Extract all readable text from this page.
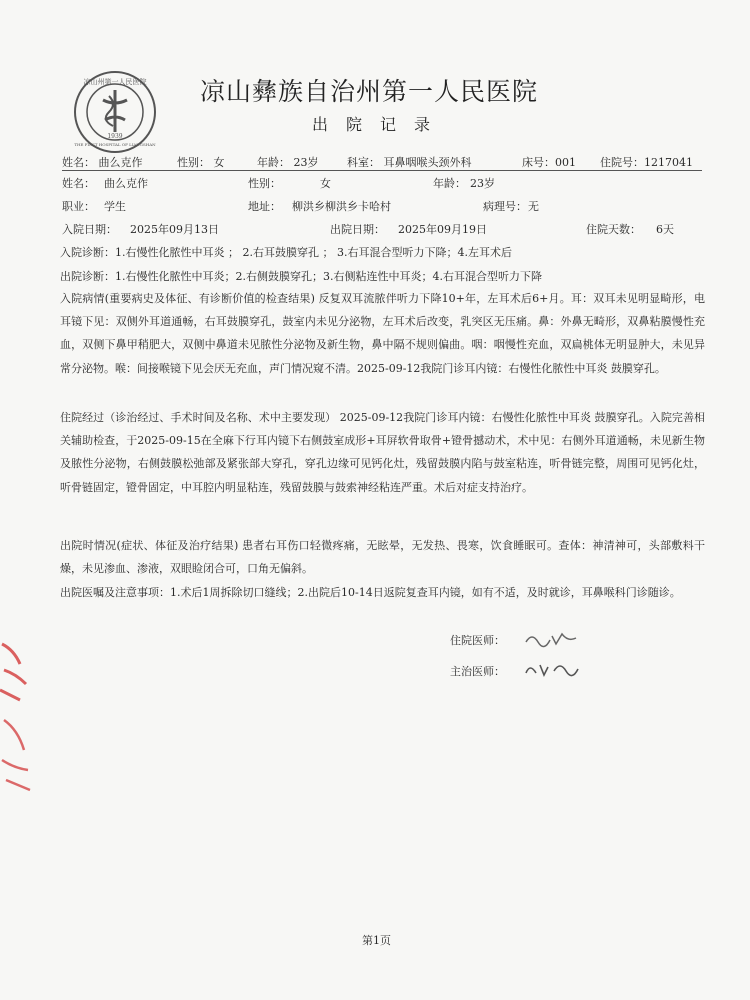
凉山州第一人民医院
THE FIRST HOSPITAL OF LIANGSHAN
1939
凉山彝族自治州第一人民医院
出院记录
姓名： 曲么克作	性别： 女	年龄： 23岁	科室： 耳鼻咽喉头颈外科	床号：001 住院号：1217041
姓名： 曲么克作	性别：	女	年龄： 23岁
职业： 学生	地址： 柳洪乡柳洪乡卡哈村	病理号： 无
入院日期： 2025年09月13日	出院日期： 2025年09月19日	住院天数： 6天
入院诊断：1.右慢性化脓性中耳炎 ； 2.右耳鼓膜穿孔 ； 3.右耳混合型听力下降；4.左耳术后
出院诊断：1.右慢性化脓性中耳炎；2.右侧鼓膜穿孔；3.右侧粘连性中耳炎；4.右耳混合型听力下降
入院病情(重要病史及体征、有诊断价值的检查结果) 反复双耳流脓伴听力下降10+年，左耳术后6+月。耳：双耳未见明显畸形，电耳镜下见：双侧外耳道通畅，右耳鼓膜穿孔，鼓室内未见分泌物，左耳术后改变，乳突区无压痛。鼻：外鼻无畸形，双鼻粘膜慢性充血，双侧下鼻甲稍肥大，双侧中鼻道未见脓性分泌物及新生物，鼻中隔不规则偏曲。咽：咽慢性充血，双扁桃体无明显肿大，未见异常分泌物。喉：间接喉镜下见会厌无充血，声门情况窥不清。2025-09-12我院门诊耳内镜：右慢性化脓性中耳炎 鼓膜穿孔。
住院经过（诊治经过、手术时间及名称、术中主要发现） 2025-09-12我院门诊耳内镜：右慢性化脓性中耳炎 鼓膜穿孔。入院完善相关辅助检查，于2025-09-15在全麻下行耳内镜下右侧鼓室成形+耳屏软骨取骨+镫骨撼动术，术中见：右侧外耳道通畅，未见新生物及脓性分泌物，右侧鼓膜松弛部及紧张部大穿孔，穿孔边缘可见钙化灶，残留鼓膜内陷与鼓室粘连，听骨链完整，周围可见钙化灶，听骨链固定，镫骨固定，中耳腔内明显粘连，残留鼓膜与鼓索神经粘连严重。术后对症支持治疗。
出院时情况(症状、体征及治疗结果) 患者右耳伤口轻微疼痛，无眩晕，无发热、畏寒，饮食睡眠可。查体：神清神可，头部敷料干燥，未见渗血、渗液，双眼睑闭合可，口角无偏斜。
出院医嘱及注意事项：1.术后1周拆除切口缝线；2.出院后10-14日返院复查耳内镜，如有不适，及时就诊，耳鼻喉科门诊随诊。
住院医师：
主治医师：
第1页
